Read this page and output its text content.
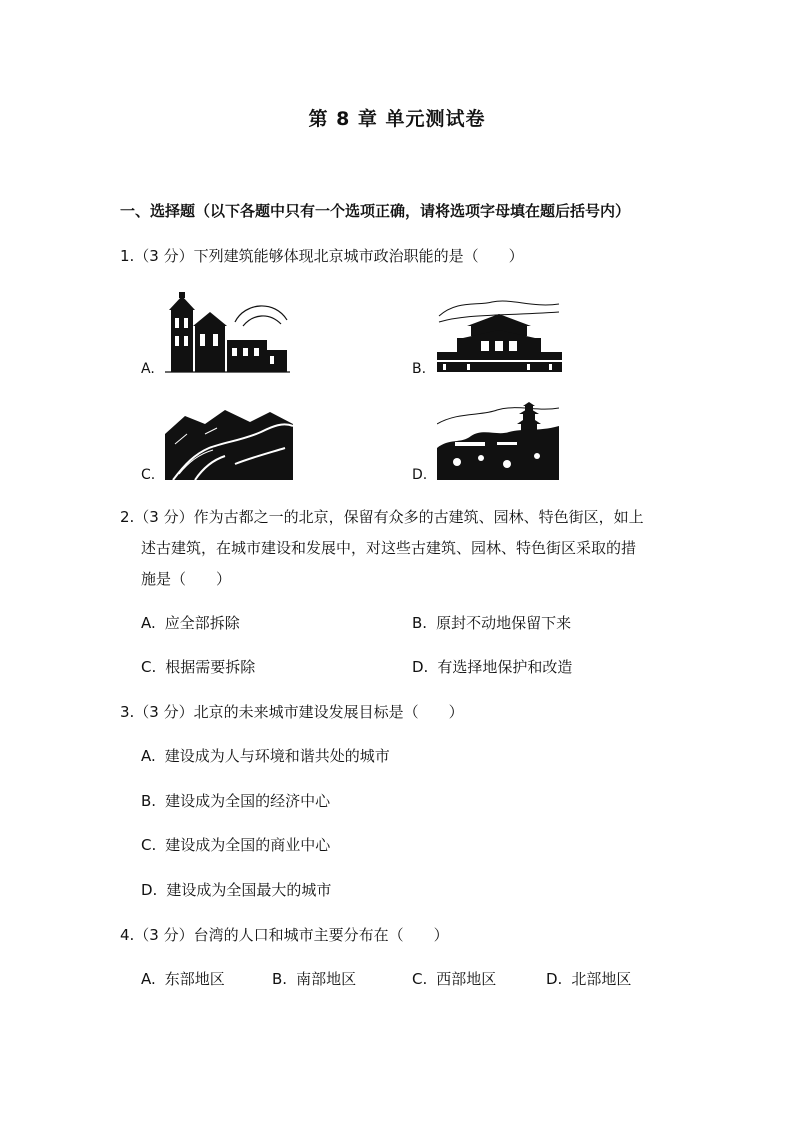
第 8 章 单元测试卷
一、选择题（以下各题中只有一个选项正确，请将选项字母填在题后括号内）
1.（3 分）下列建筑能够体现北京城市政治职能的是（　　）
A.	B.
C.	D.
2.（3 分）作为古都之一的北京，保留有众多的古建筑、园林、特色街区，如上
述古建筑，在城市建设和发展中，对这些古建筑、园林、特色街区采取的措
施是（　　）
A. 应全部拆除	B. 原封不动地保留下来
C. 根据需要拆除	D. 有选择地保护和改造
3.（3 分）北京的未来城市建设发展目标是（　　）
A. 建设成为人与环境和谐共处的城市
B. 建设成为全国的经济中心
C. 建设成为全国的商业中心
D. 建设成为全国最大的城市
4.（3 分）台湾的人口和城市主要分布在（　　）
A. 东部地区	B. 南部地区	C. 西部地区	D. 北部地区
